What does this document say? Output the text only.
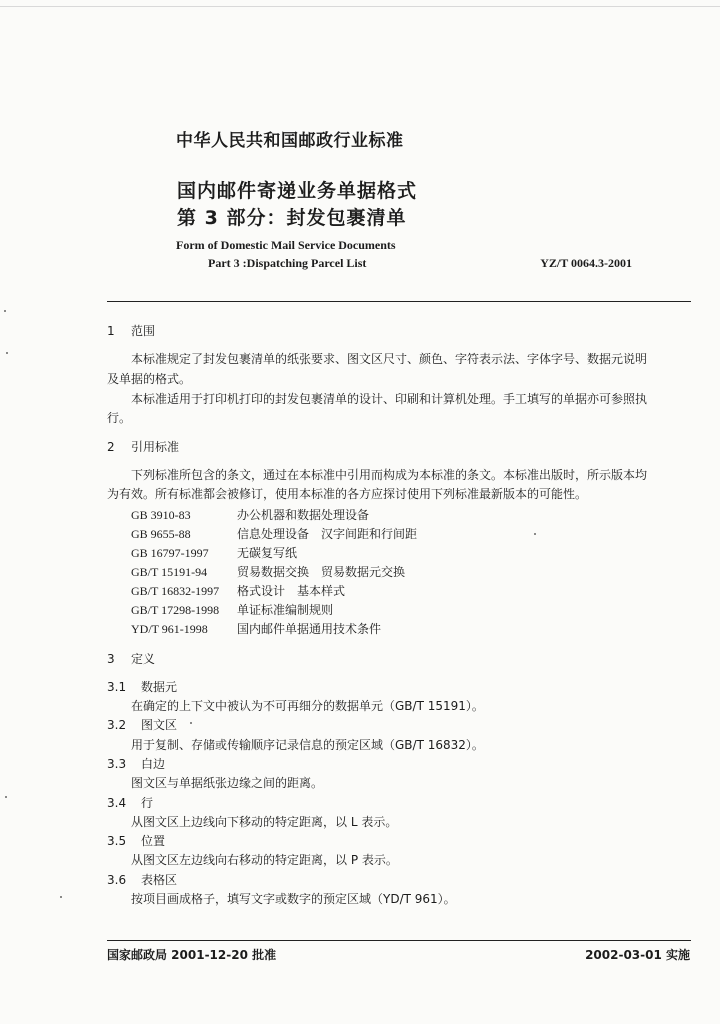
中华人民共和国邮政行业标准
国内邮件寄递业务单据格式
第 3 部分：封发包裹清单
Form of Domestic Mail Service Documents
Part 3 :Dispatching Parcel List	YZ/T 0064.3-2001
1 范围
本标准规定了封发包裹清单的纸张要求、图文区尺寸、颜色、字符表示法、字体字号、数据元说明
及单据的格式。
本标准适用于打印机打印的封发包裹清单的设计、印刷和计算机处理。手工填写的单据亦可参照执
行。
2 引用标准
下列标准所包含的条文，通过在本标准中引用而构成为本标准的条文。本标准出版时，所示版本均
为有效。所有标准都会被修订，使用本标准的各方应探讨使用下列标准最新版本的可能性。
GB 3910-83	办公机器和数据处理设备
GB 9655-88	信息处理设备　汉字间距和行间距
GB 16797-1997	无碳复写纸
GB/T 15191-94	贸易数据交换　贸易数据元交换
GB/T 16832-1997	格式设计　基本样式
GB/T 17298-1998	单证标准编制规则
YD/T 961-1998	国内邮件单据通用技术条件
3 定义
3.1 数据元
在确定的上下文中被认为不可再细分的数据单元（GB/T 15191）。
3.2 图文区
用于复制、存储或传输顺序记录信息的预定区域（GB/T 16832）。
3.3 白边
图文区与单据纸张边缘之间的距离。
3.4 行
从图文区上边线向下移动的特定距离，以 L 表示。
3.5 位置
从图文区左边线向右移动的特定距离，以 P 表示。
3.6 表格区
按项目画成格子，填写文字或数字的预定区域（YD/T 961）。
国家邮政局 2001-12-20 批准	2002-03-01 实施
